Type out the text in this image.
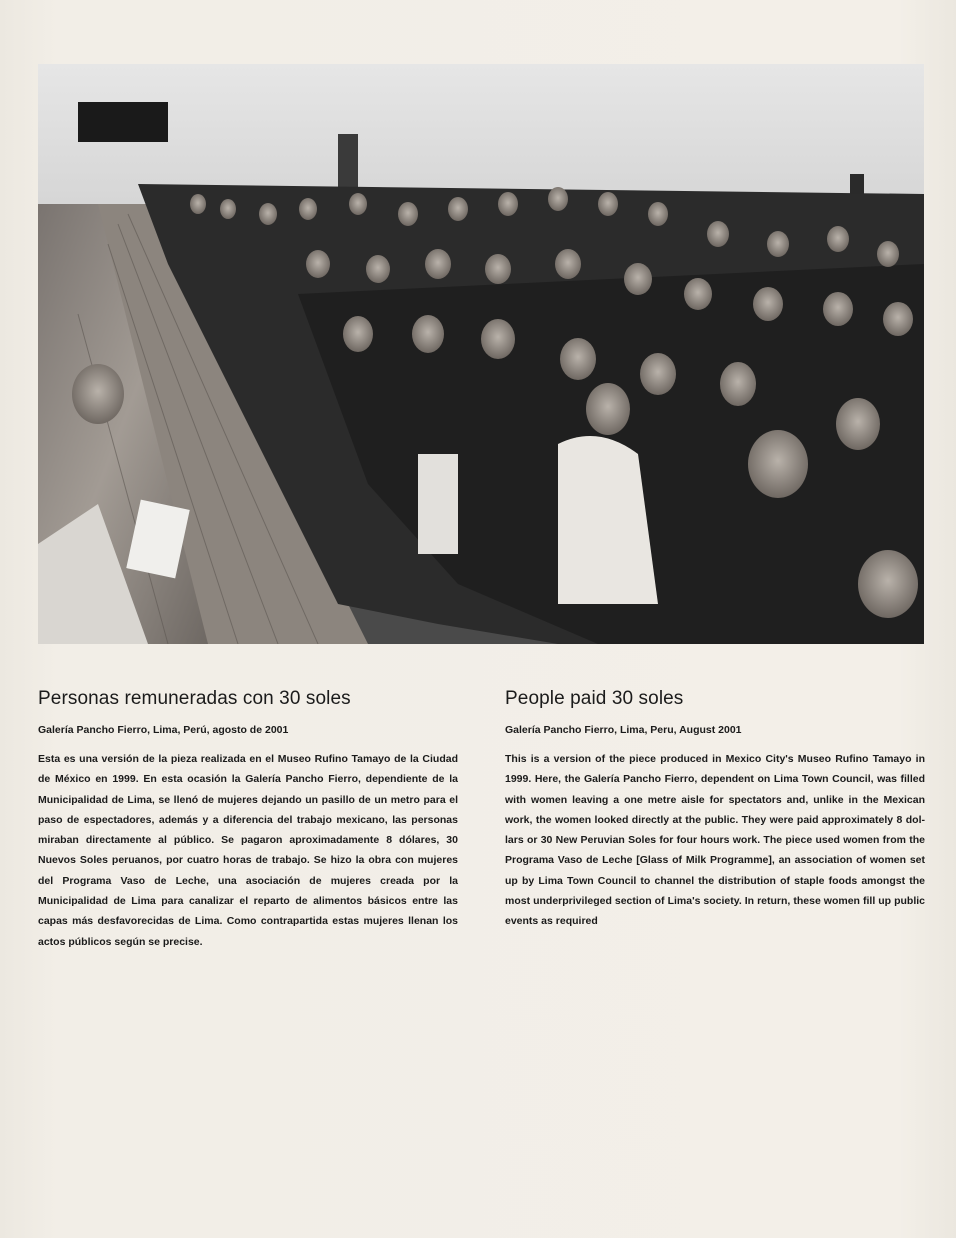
Personas remuneradas con 30 soles

Galería Pancho Fierro, Lima, Perú, agosto de 2001

Esta es una versión de la pieza realizada en el Museo Rufino Tamayo de la Ciudad de México en 1999. En esta ocasión la Galería Pancho Fierro, dependiente de la Municipalidad de Lima, se llenó de mujeres dejando un pasillo de un metro para el paso de espectadores, además y a diferencia del trabajo mexicano, las personas miraban directamente al público. Se pagaron aproximadamente 8 dólares, 30 Nuevos Soles peruanos, por cuatro horas de trabajo. Se hizo la obra con mujeres del Programa Vaso de Leche, una asociación de mujeres creada por la Municipalidad de Lima para canalizar el reparto de alimentos básicos entre las capas más desfavorecidas de Lima. Como contrapartida estas mujeres llenan los actos públicos según se precise.

People paid 30 soles

Galería Pancho Fierro, Lima, Peru, August 2001

This is a version of the piece produced in Mexico City's Museo Rufino Tamayo in 1999. Here, the Galería Pancho Fierro, dependent on Lima Town Council, was filled with women leaving a one metre aisle for spectators and, unlike in the Mexican work, the women looked directly at the public. They were paid approximately 8 dollars or 30 New Peruvian Soles for four hours work. The piece used women from the Programa Vaso de Leche [Glass of Milk Programme], an association of women set up by Lima Town Council to channel the distribution of staple foods amongst the most underprivileged section of Lima's society. In return, these women fill up public events as required
